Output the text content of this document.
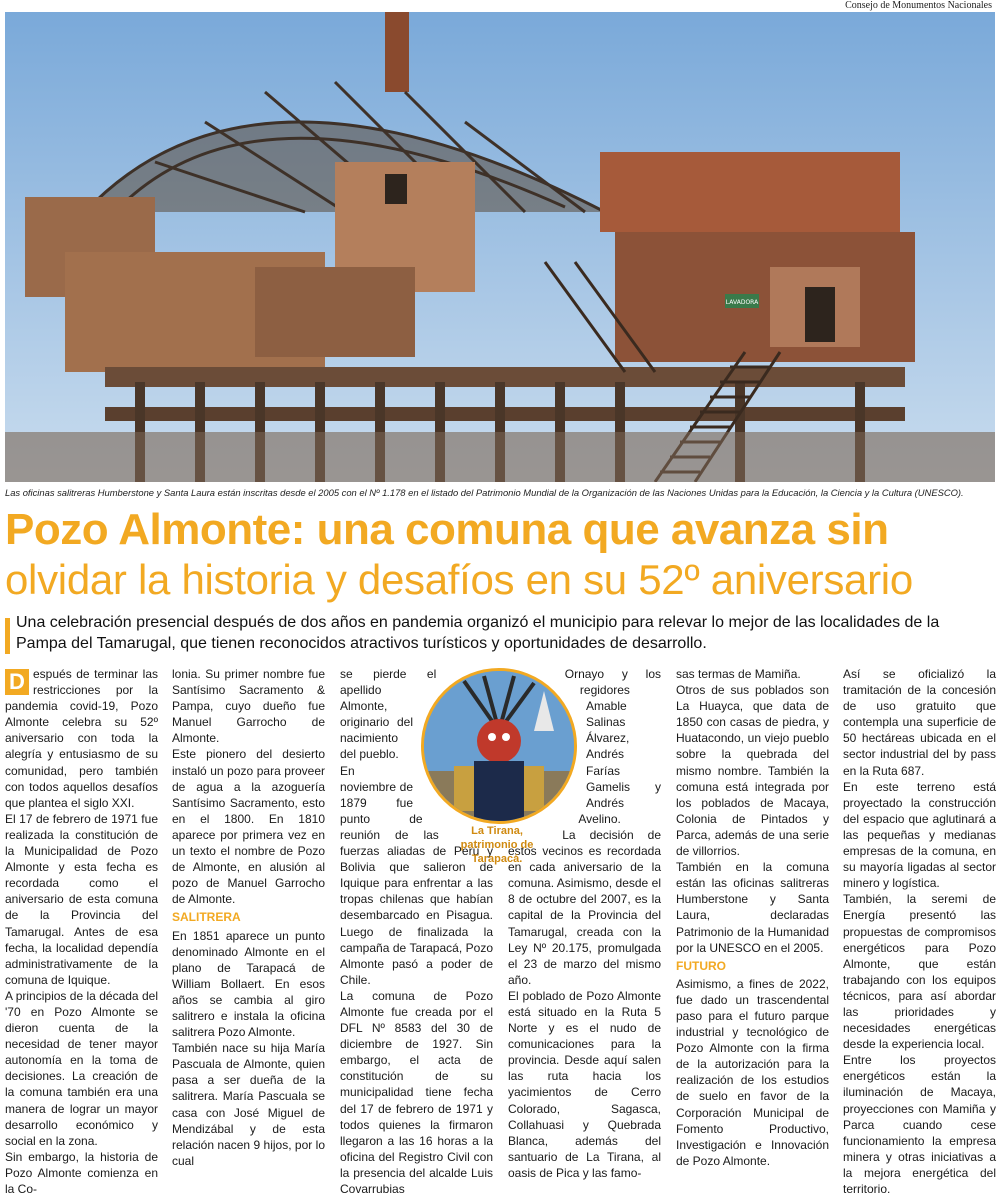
Consejo de Monumentos Nacionales
LAVADORA
Las oficinas salitreras Humberstone y Santa Laura están inscritas desde el 2005 con el Nº 1.178 en el listado del Patrimonio Mundial de la Organización de las Naciones Unidas para la Educación, la Ciencia y la Cultura (UNESCO).
Pozo Almonte: una comuna que avanza sin
olvidar la historia y desafíos en su 52º aniversario
Una celebración presencial después de dos años en pandemia organizó el municipio para relevar lo mejor de las localidades de la Pampa del Tamarugal, que tienen reconocidos atractivos turísticos y oportunidades de desarrollo.

D espués de terminar las restricciones por la pandemia covid-19, Pozo Almonte celebra su 52º aniversario con toda la alegría y entusiasmo de su comunidad, pero también con todos aquellos desafíos que plantea el siglo XXI.

El 17 de febrero de 1971 fue realizada la constitución de la Municipalidad de Pozo Almonte y esta fecha es recordada como el aniversario de esta comuna de la Provincia del Tamarugal. Antes de esa fecha, la localidad dependía administrativamente de la comuna de Iquique.

A principios de la década del '70 en Pozo Almonte se dieron cuenta de la necesidad de tener mayor autonomía en la toma de decisiones. La creación de la comuna también era una manera de lograr un mayor desarrollo económico y social en la zona.

Sin embargo, la historia de Pozo Almonte comienza en la Co-

lonia. Su primer nombre fue Santísimo Sacramento & Pampa, cuyo dueño fue Manuel Garrocho de Almonte.

Este pionero del desierto instaló un pozo para proveer de agua a la azoguería Santísimo Sacramento, esto en el 1800. En 1810 aparece por primera vez en un texto el nombre de Pozo de Almonte, en alusión al pozo de Manuel Garrocho de Almonte.

SALITRERA

En 1851 aparece un punto denominado Almonte en el plano de Tarapacá de William Bollaert. En esos años se cambia al giro salitrero e instala la oficina salitrera Pozo Almonte.

También nace su hija María Pascuala de Almonte, quien pasa a ser dueña de la salitrera. María Pascuala se casa con José Miguel de Mendizábal y de esta relación nacen 9 hijos, por lo cual

se pierde el apellido Almonte, originario del nacimiento del pueblo.

En noviembre de 1879 fue punto de reunión de las fuerzas aliadas de Perú y Bolivia que salieron de Iquique para enfrentar a las tropas chilenas que habían desembarcado en Pisagua. Luego de finalizada la campaña de Tarapacá, Pozo Almonte pasó a poder de Chile.

La comuna de Pozo Almonte fue creada por el DFL Nº 8583 del 30 de diciembre de 1927. Sin embargo, el acta de constitución de su municipalidad tiene fecha del 17 de febrero de 1971 y todos quienes la firmaron llegaron a las 16 horas a la oficina del Registro Civil con la presencia del alcalde Luis Covarrubias

Ornayo y los regidores Amable Salinas Álvarez, Andrés Farías Gamelis y Andrés Avelino.

La decisión de estos vecinos es recordada en cada aniversario de la comuna. Asimismo, desde el 8 de octubre del 2007, es la capital de la Provincia del Tamarugal, creada con la Ley Nº 20.175, promulgada el 23 de marzo del mismo año.

El poblado de Pozo Almonte está situado en la Ruta 5 Norte y es el nudo de comunicaciones para la provincia. Desde aquí salen las ruta hacia los yacimientos de Cerro Colorado, Sagasca, Collahuasi y Quebrada Blanca, además del santuario de La Tirana, al oasis de Pica y las famo-

La Tirana, patrimonio de Tarapacá.

sas termas de Mamiña.

Otros de sus poblados son La Huayca, que data de 1850 con casas de piedra, y Huatacondo, un viejo pueblo sobre la quebrada del mismo nombre. También la comuna está integrada por los poblados de Macaya, Colonia de Pintados y Parca, además de una serie de villorrios.

También en la comuna están las oficinas salitreras Humberstone y Santa Laura, declaradas Patrimonio de la Humanidad por la UNESCO en el 2005.

FUTURO

Asimismo, a fines de 2022, fue dado un trascendental paso para el futuro parque industrial y tecnológico de Pozo Almonte con la firma de la autorización para la realización de los estudios de suelo en favor de la Corporación Municipal de Fomento Productivo, Investigación e Innovación de Pozo Almonte.

Así se oficializó la tramitación de la concesión de uso gratuito que contempla una superficie de 50 hectáreas ubicada en el sector industrial del by pass en la Ruta 687.

En este terreno está proyectado la construcción del espacio que aglutinará a las pequeñas y medianas empresas de la comuna, en su mayoría ligadas al sector minero y logística.

También, la seremi de Energía presentó las propuestas de compromisos energéticos para Pozo Almonte, que están trabajando con los equipos técnicos, para así abordar las prioridades y necesidades energéticas desde la experiencia local.

Entre los proyectos energéticos están la iluminación de Macaya, proyecciones con Mamiña y Parca cuando cese funcionamiento la empresa minera y otras iniciativas a la mejora energética del territorio.
